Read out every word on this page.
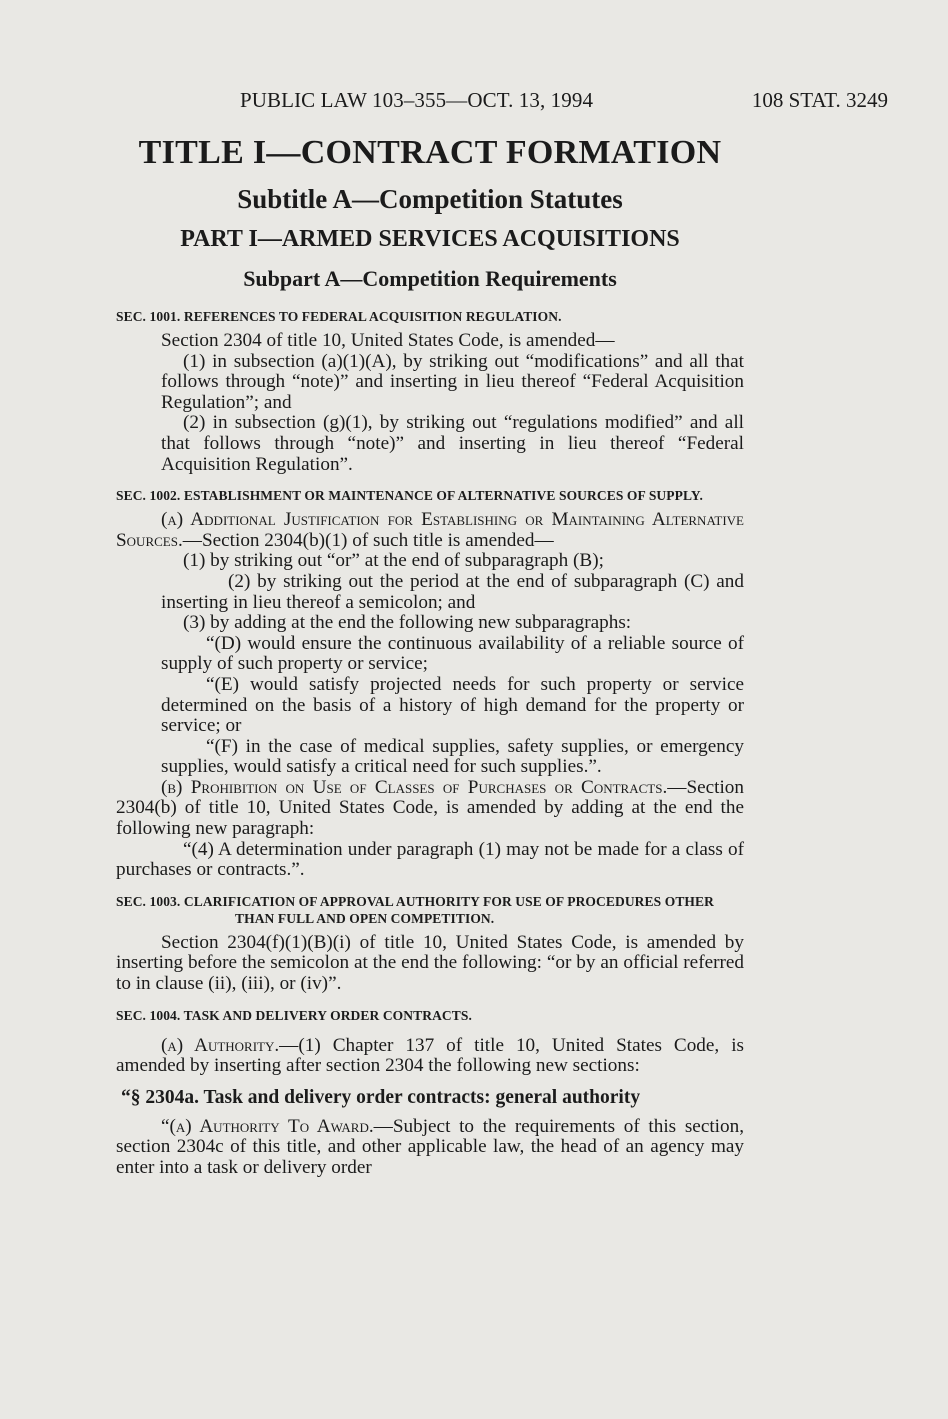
PUBLIC LAW 103–355—OCT. 13, 1994	108 STAT. 3249
TITLE I—CONTRACT FORMATION
Subtitle A—Competition Statutes
PART I—ARMED SERVICES ACQUISITIONS
Subpart A—Competition Requirements
SEC. 1001. REFERENCES TO FEDERAL ACQUISITION REGULATION.

Section 2304 of title 10, United States Code, is amended—

(1) in subsection (a)(1)(A), by striking out “modifications” and all that follows through “note)” and inserting in lieu thereof “Federal Acquisition Regulation”; and

(2) in subsection (g)(1), by striking out “regulations modified” and all that follows through “note)” and inserting in lieu thereof “Federal Acquisition Regulation”.

SEC. 1002. ESTABLISHMENT OR MAINTENANCE OF ALTERNATIVE SOURCES OF SUPPLY.

(a) Additional Justification for Establishing or Maintaining Alternative Sources.—Section 2304(b)(1) of such title is amended—

(1) by striking out “or” at the end of subparagraph (B);

(2) by striking out the period at the end of subparagraph (C) and inserting in lieu thereof a semicolon; and

(3) by adding at the end the following new subparagraphs:

“(D) would ensure the continuous availability of a reliable source of supply of such property or service;

“(E) would satisfy projected needs for such property or service determined on the basis of a history of high demand for the property or service; or

“(F) in the case of medical supplies, safety supplies, or emergency supplies, would satisfy a critical need for such supplies.”.

(b) Prohibition on Use of Classes of Purchases or Contracts.—Section 2304(b) of title 10, United States Code, is amended by adding at the end the following new paragraph:

“(4) A determination under paragraph (1) may not be made for a class of purchases or contracts.”.

SEC. 1003. CLARIFICATION OF APPROVAL AUTHORITY FOR USE OF PROCEDURES OTHER THAN FULL AND OPEN COMPETITION.

Section 2304(f)(1)(B)(i) of title 10, United States Code, is amended by inserting before the semicolon at the end the following: “or by an official referred to in clause (ii), (iii), or (iv)”.

SEC. 1004. TASK AND DELIVERY ORDER CONTRACTS.

(a) Authority.—(1) Chapter 137 of title 10, United States Code, is amended by inserting after section 2304 the following new sections:

“§ 2304a. Task and delivery order contracts: general authority

“(a) Authority To Award.—Subject to the requirements of this section, section 2304c of this title, and other applicable law, the head of an agency may enter into a task or delivery order
